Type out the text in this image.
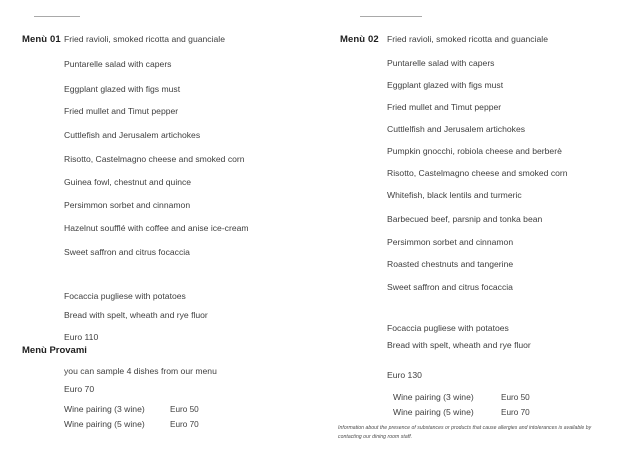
Menù 01 Fried ravioli, smoked ricotta and guanciale
Puntarelle salad with capers
Eggplant glazed with figs must
Fried mullet and Timut pepper
Cuttlefish and Jerusalem artichokes
Risotto, Castelmagno cheese and smoked corn
Guinea fowl, chestnut and quince
Persimmon sorbet and cinnamon
Hazelnut soufflé with coffee and anise ice-cream
Sweet saffron and citrus focaccia
Focaccia pugliese with potatoes
Bread with spelt, wheath and rye fluor
Euro 110
Menù Provami
you can sample 4 dishes from our menu
Euro 70
Wine pairing (3 wine)	Euro 50
Wine pairing (5 wine)	Euro 70
Menù 02 Fried ravioli, smoked ricotta and guanciale
Puntarelle salad with capers
Eggplant glazed with figs must
Fried mullet and Timut pepper
Cuttlelfish and Jerusalem artichokes
Pumpkin gnocchi, robiola cheese and berberè
Risotto, Castelmagno cheese and smoked corn
Whitefish, black lentils and turmeric
Barbecued beef, parsnip and tonka bean
Persimmon sorbet and cinnamon
Roasted chestnuts and tangerine
Sweet saffron and citrus focaccia
Focaccia pugliese with potatoes
Bread with spelt, wheath and rye fluor
Euro 130
Wine pairing (3 wine)	Euro 50
Wine pairing (5 wine)	Euro 70
Information about the presence of substances or products that cause allergies and intolerances is available by contacting our dining room staff.
